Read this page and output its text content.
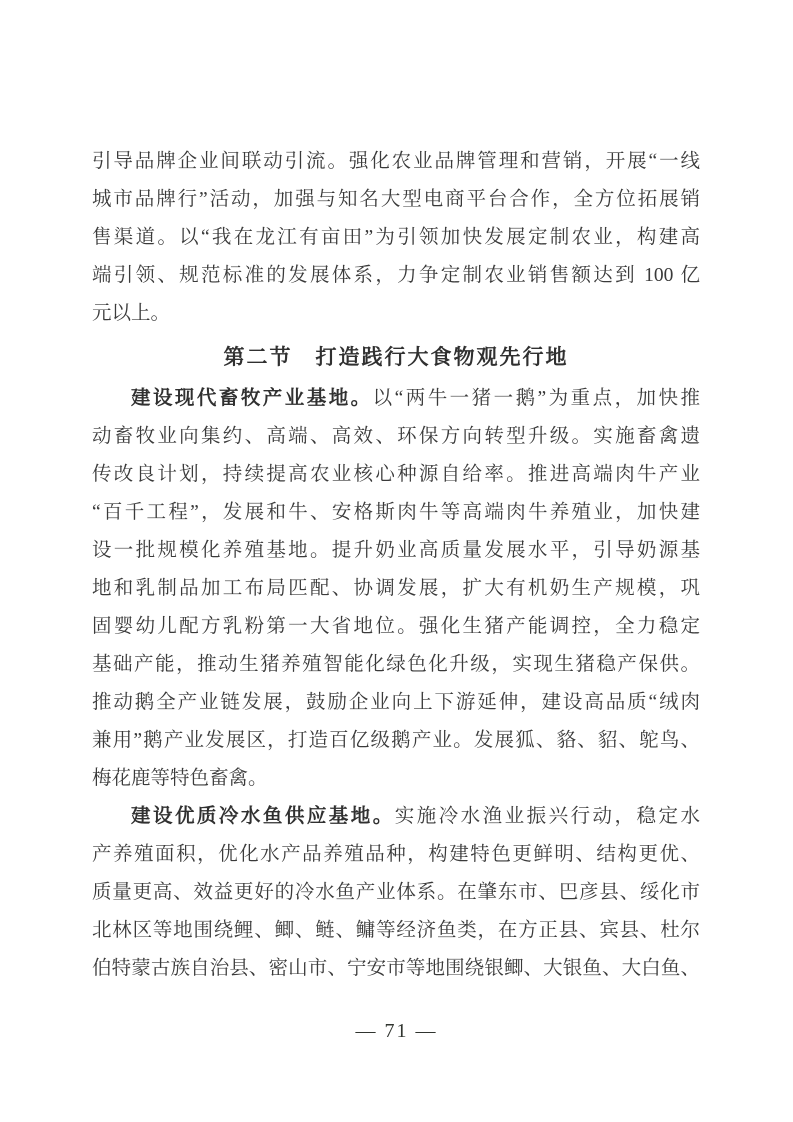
引导品牌企业间联动引流。强化农业品牌管理和营销，开展“一线
城市品牌行”活动，加强与知名大型电商平台合作，全方位拓展销
售渠道。以“我在龙江有亩田”为引领加快发展定制农业，构建高
端引领、规范标准的发展体系，力争定制农业销售额达到 100 亿
元以上。
第二节　打造践行大食物观先行地
建设现代畜牧产业基地。以“两牛一猪一鹅”为重点，加快推
动畜牧业向集约、高端、高效、环保方向转型升级。实施畜禽遗
传改良计划，持续提高农业核心种源自给率。推进高端肉牛产业
“百千工程”，发展和牛、安格斯肉牛等高端肉牛养殖业，加快建
设一批规模化养殖基地。提升奶业高质量发展水平，引导奶源基
地和乳制品加工布局匹配、协调发展，扩大有机奶生产规模，巩
固婴幼儿配方乳粉第一大省地位。强化生猪产能调控，全力稳定
基础产能，推动生猪养殖智能化绿色化升级，实现生猪稳产保供。
推动鹅全产业链发展，鼓励企业向上下游延伸，建设高品质“绒肉
兼用”鹅产业发展区，打造百亿级鹅产业。发展狐、貉、貂、鸵鸟、
梅花鹿等特色畜禽。
建设优质冷水鱼供应基地。实施冷水渔业振兴行动，稳定水
产养殖面积，优化水产品养殖品种，构建特色更鲜明、结构更优、
质量更高、效益更好的冷水鱼产业体系。在肇东市、巴彦县、绥化市
北林区等地围绕鲤、鲫、鲢、鳙等经济鱼类，在方正县、宾县、杜尔
伯特蒙古族自治县、密山市、宁安市等地围绕银鲫、大银鱼、大白鱼、
— 71 —
